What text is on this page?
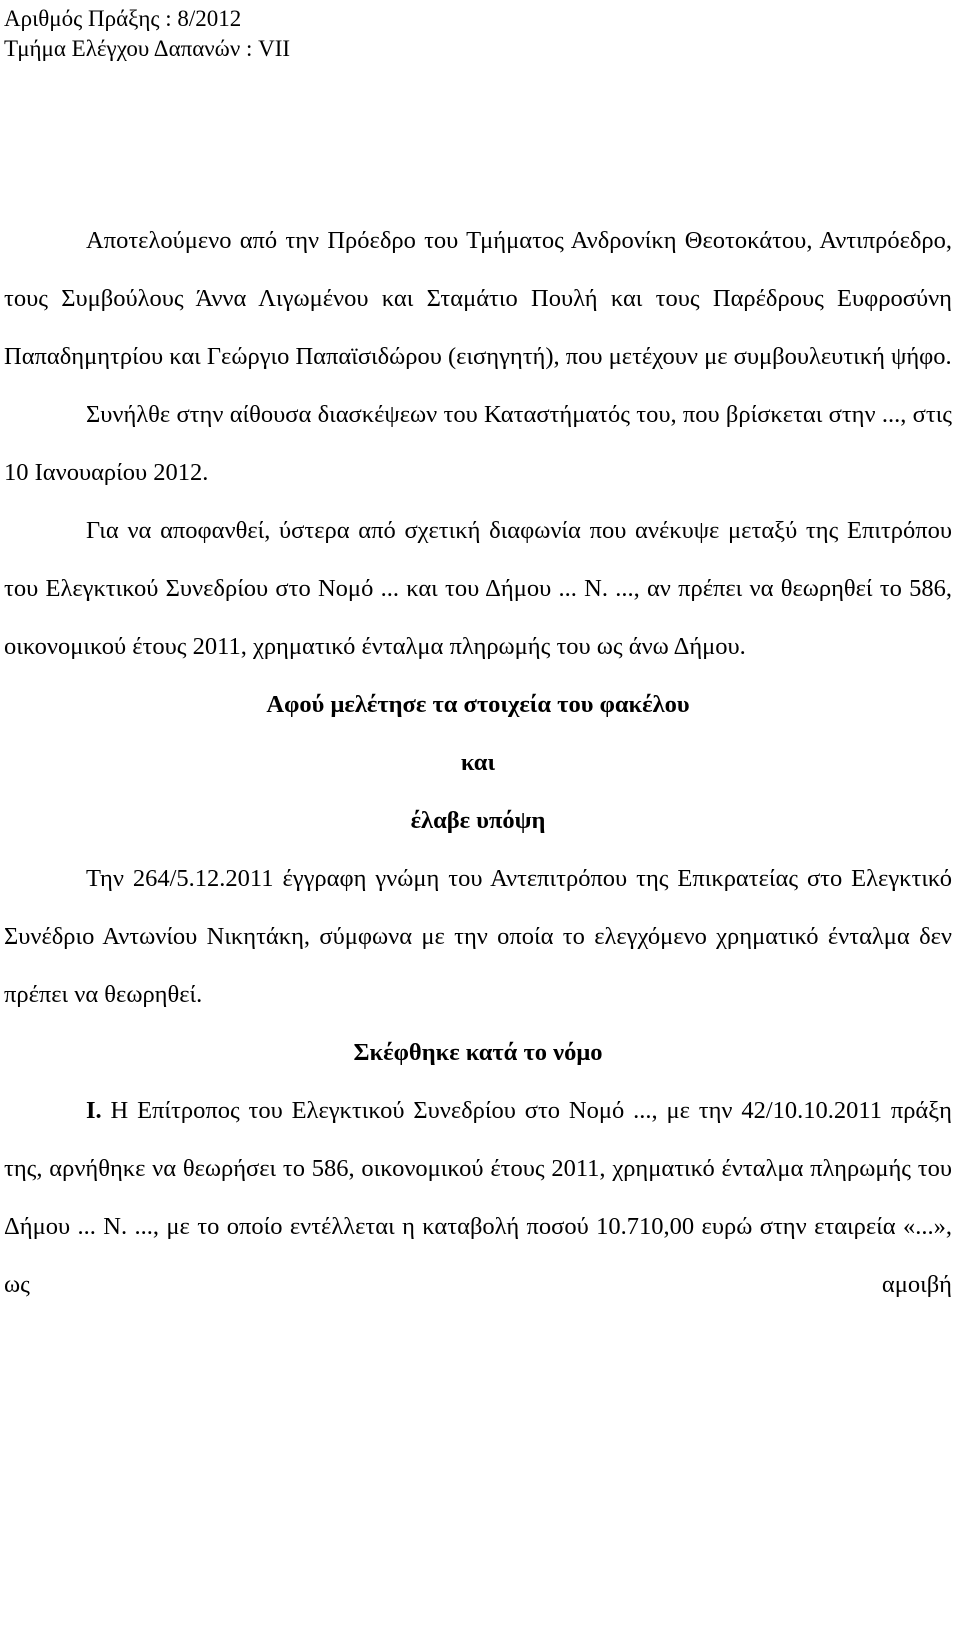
Αριθμός Πράξης : 8/2012
Τμήμα Ελέγχου Δαπανών : VII

Αποτελούμενο από την Πρόεδρο του Τμήματος Ανδρονίκη Θεοτοκάτου, Αντιπρόεδρο, τους Συμβούλους Άννα Λιγωμένου και Σταμάτιο Πουλή και τους Παρέδρους Ευφροσύνη Παπαδημητρίου και Γεώργιο Παπαϊσιδώρου (εισηγητή), που μετέχουν με συμβουλευτική ψήφο.

Συνήλθε στην αίθουσα διασκέψεων του Καταστήματός του, που βρίσκεται στην ..., στις 10 Ιανουαρίου 2012.

Για να αποφανθεί, ύστερα από σχετική διαφωνία που ανέκυψε μεταξύ της Επιτρόπου του Ελεγκτικού Συνεδρίου στο Νομό ... και του Δήμου ... Ν. ..., αν πρέπει να θεωρηθεί το 586, οικονομικού έτους 2011, χρηματικό ένταλμα πληρωμής του ως άνω Δήμου.

Αφού μελέτησε τα στοιχεία του φακέλου

και

έλαβε υπόψη

Την 264/5.12.2011 έγγραφη γνώμη του Αντεπιτρόπου της Επικρατείας στο Ελεγκτικό Συνέδριο Αντωνίου Νικητάκη, σύμφωνα με την οποία το ελεγχόμενο χρηματικό ένταλμα δεν πρέπει να θεωρηθεί.

Σκέφθηκε κατά το νόμο

Ι. Η Επίτροπος του Ελεγκτικού Συνεδρίου στο Νομό ..., με την 42/10.10.2011 πράξη της, αρνήθηκε να θεωρήσει το 586, οικονομικού έτους 2011, χρηματικό ένταλμα πληρωμής του Δήμου ... Ν. ..., με το οποίο εντέλλεται η καταβολή ποσού 10.710,00 ευρώ στην εταιρεία «...», ως αμοιβή
